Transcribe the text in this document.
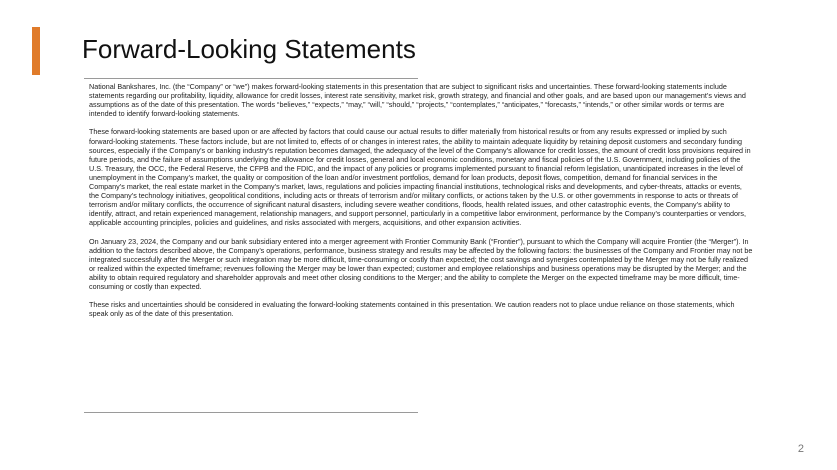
Forward-Looking Statements

National Bankshares, Inc. (the “Company” or “we”) makes forward-looking statements in this presentation that are subject to significant risks and uncertainties. These forward-looking statements include statements regarding our profitability, liquidity, allowance for credit losses, interest rate sensitivity, market risk, growth strategy, and financial and other goals, and are based upon our management’s views and assumptions as of the date of this presentation. The words “believes,” “expects,” “may,” “will,” “should,” “projects,” “contemplates,” “anticipates,” “forecasts,” “intends,” or other similar words or terms are intended to identify forward-looking statements.

These forward-looking statements are based upon or are affected by factors that could cause our actual results to differ materially from historical results or from any results expressed or implied by such forward-looking statements. These factors include, but are not limited to, effects of or changes in interest rates, the ability to maintain adequate liquidity by retaining deposit customers and secondary funding sources, especially if the Company’s or banking industry’s reputation becomes damaged, the adequacy of the level of the Company’s allowance for credit losses, the amount of credit loss provisions required in future periods, and the failure of assumptions underlying the allowance for credit losses, general and local economic conditions, monetary and fiscal policies of the U.S. Government, including policies of the U.S. Treasury, the OCC, the Federal Reserve, the CFPB and the FDIC, and the impact of any policies or programs implemented pursuant to financial reform legislation, unanticipated increases in the level of unemployment in the Company’s market, the quality or composition of the loan and/or investment portfolios, demand for loan products, deposit flows, competition, demand for financial services in the Company’s market, the real estate market in the Company’s market, laws, regulations and policies impacting financial institutions, technological risks and developments, and cyber-threats, attacks or events, the Company’s technology initiatives, geopolitical conditions, including acts or threats of terrorism and/or military conflicts, or actions taken by the U.S. or other governments in response to acts or threats of terrorism and/or military conflicts, the occurrence of significant natural disasters, including severe weather conditions, floods, health related issues, and other catastrophic events, the Company’s ability to identify, attract, and retain experienced management, relationship managers, and support personnel, particularly in a competitive labor environment, performance by the Company’s counterparties or vendors, applicable accounting principles, policies and guidelines, and risks associated with mergers, acquisitions, and other expansion activities.

On January 23, 2024, the Company and our bank subsidiary entered into a merger agreement with Frontier Community Bank (“Frontier”), pursuant to which the Company will acquire Frontier (the “Merger”). In addition to the factors described above, the Company’s operations, performance, business strategy and results may be affected by the following factors: the businesses of the Company and Frontier may not be integrated successfully after the Merger or such integration may be more difficult, time-consuming or costly than expected; the cost savings and synergies contemplated by the Merger may not be fully realized or realized within the expected timeframe; revenues following the Merger may be lower than expected; customer and employee relationships and business operations may be disrupted by the Merger; and the ability to obtain required regulatory and shareholder approvals and meet other closing conditions to the Merger; and the ability to complete the Merger on the expected timeframe may be more difficult, time-consuming or costly than expected.

These risks and uncertainties should be considered in evaluating the forward-looking statements contained in this presentation. We caution readers not to place undue reliance on those statements, which speak only as of the date of this presentation.

2
